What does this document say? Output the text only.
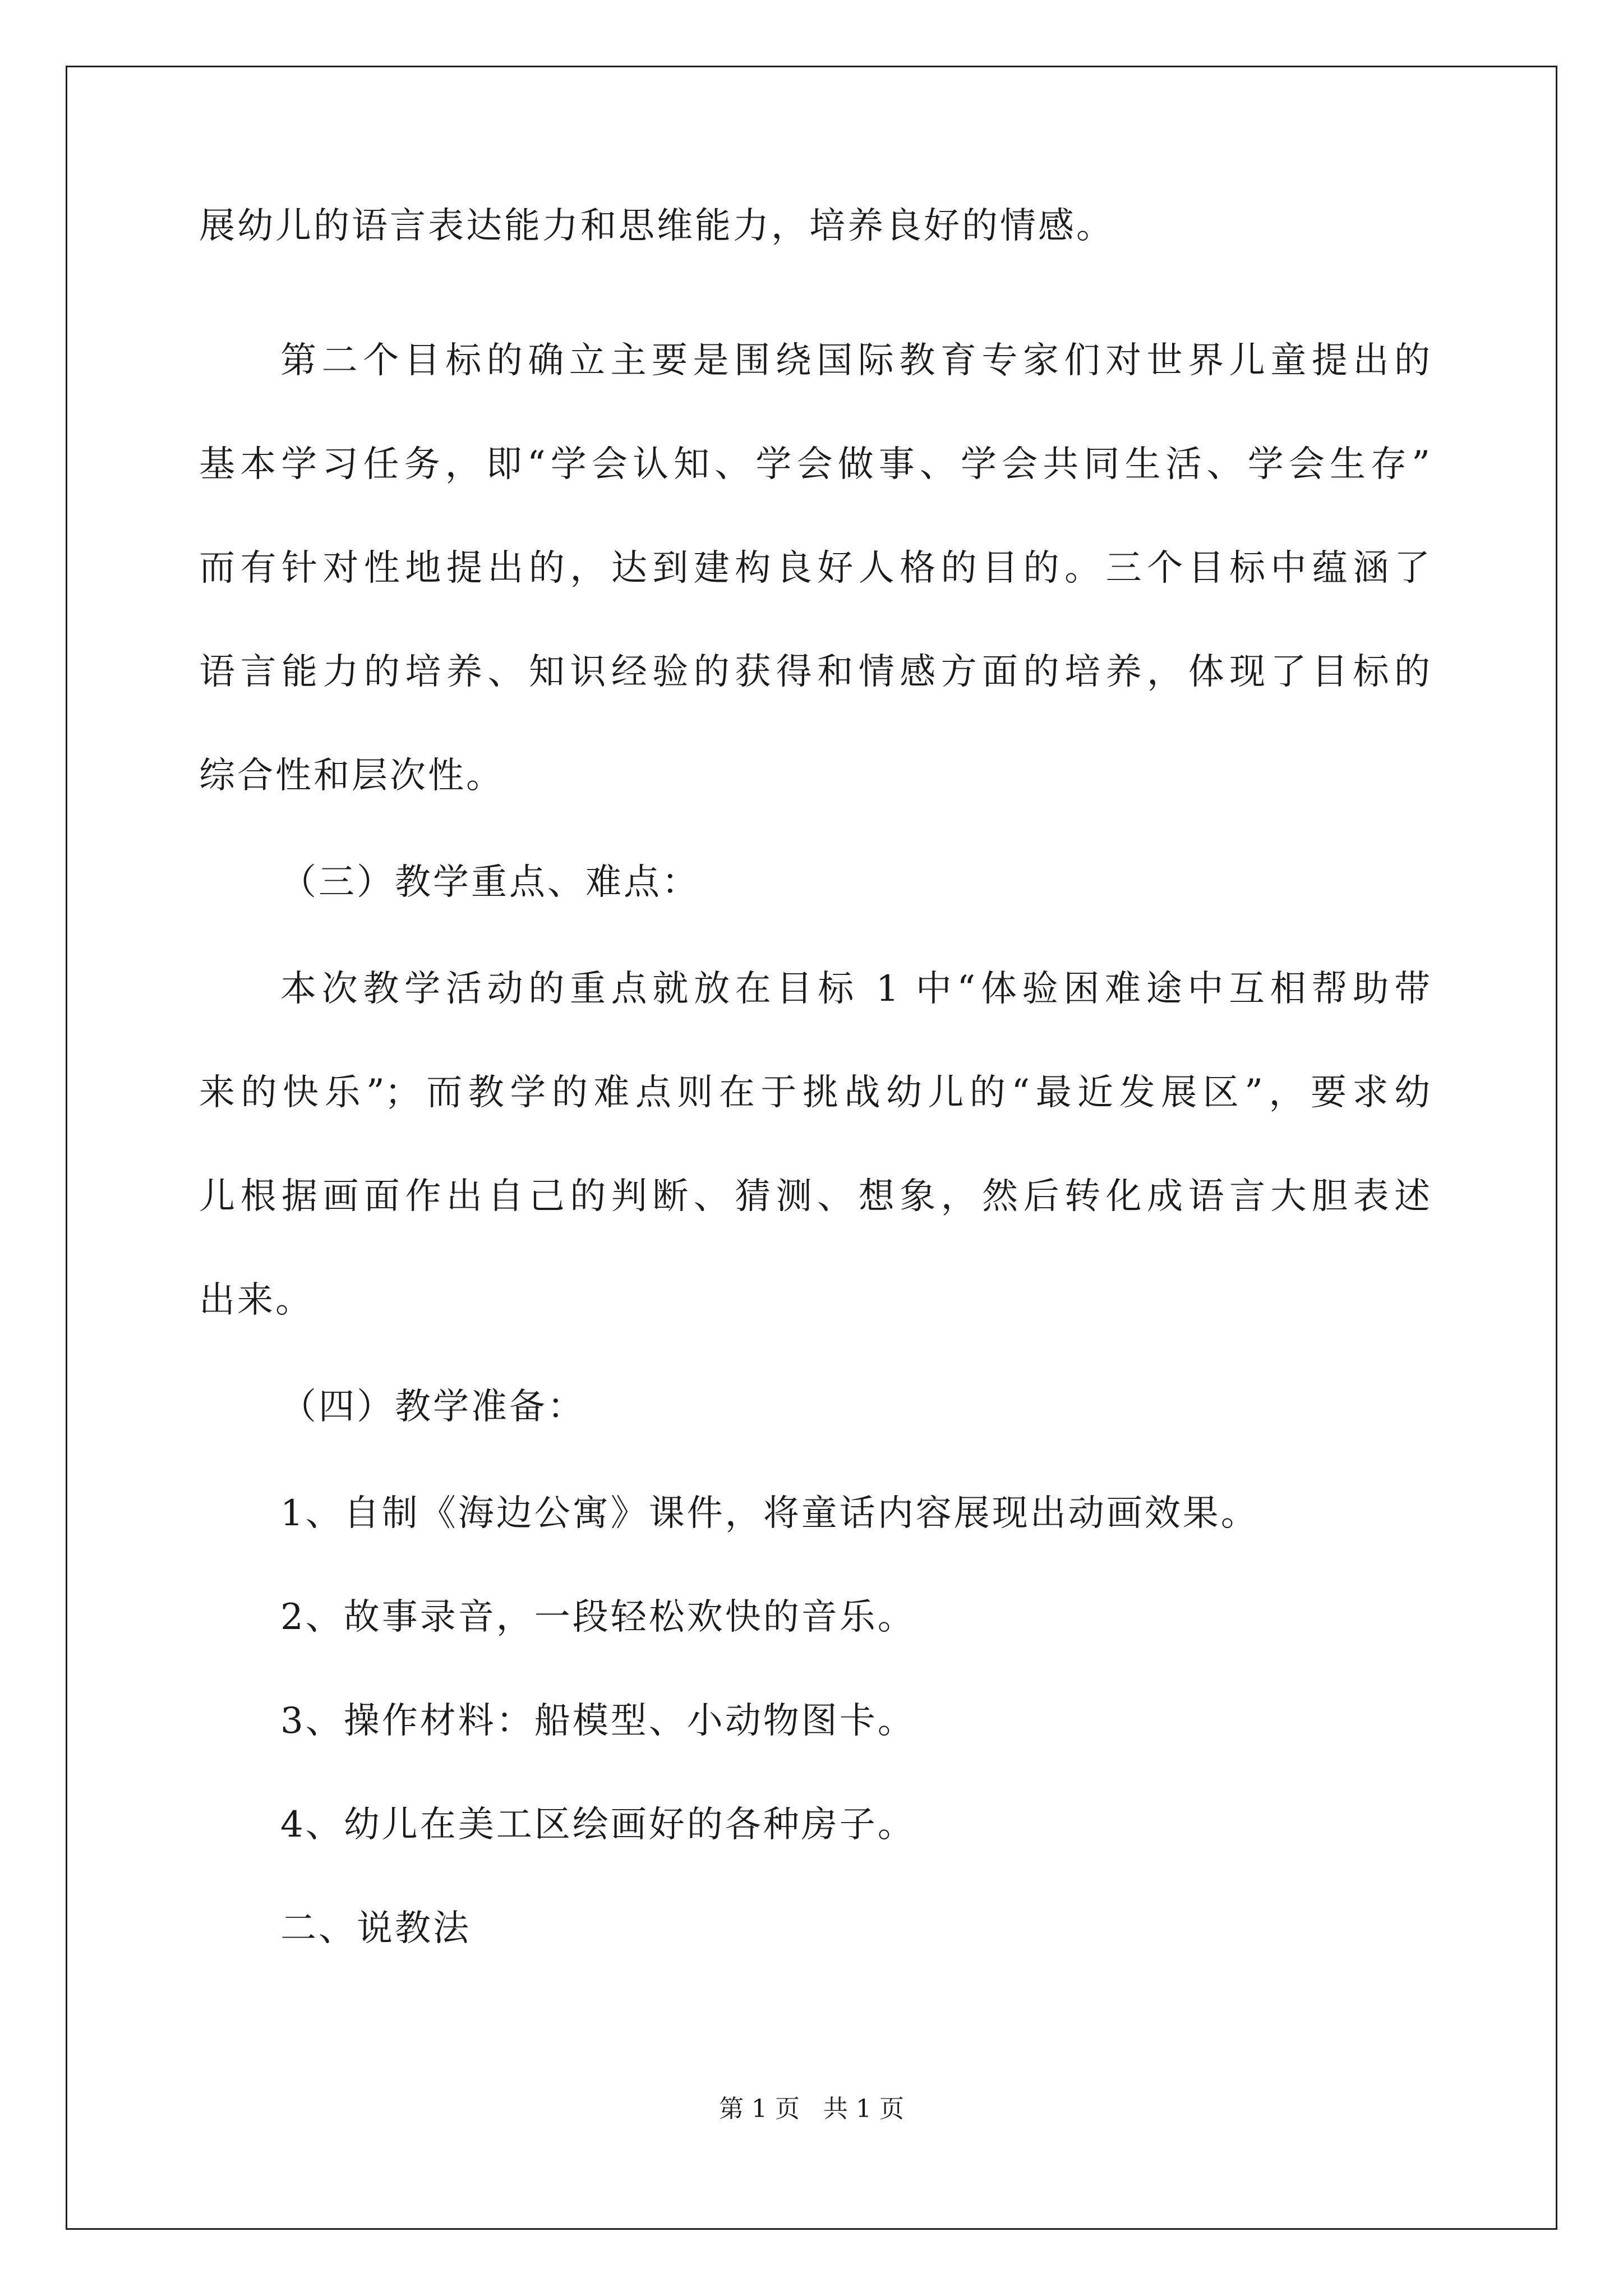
展幼儿的语言表达能力和思维能力，培养良好的情感。
第二个目标的确立主要是围绕国际教育专家们对世界儿童提出的
基本学习任务，即“学会认知、学会做事、学会共同生活、学会生存”
而有针对性地提出的，达到建构良好人格的目的。三个目标中蕴涵了
语言能力的培养、知识经验的获得和情感方面的培养，体现了目标的
综合性和层次性。
（三）教学重点、难点：
本次教学活动的重点就放在目标 1 中“体验困难途中互相帮助带
来的快乐”；而教学的难点则在于挑战幼儿的“最近发展区”，要求幼
儿根据画面作出自己的判断、猜测、想象，然后转化成语言大胆表述
出来。
（四）教学准备：
1、自制《海边公寓》课件，将童话内容展现出动画效果。
2、故事录音，一段轻松欢快的音乐。
3、操作材料：船模型、小动物图卡。
4、幼儿在美工区绘画好的各种房子。
二、说教法
第 1 页   共 1 页
